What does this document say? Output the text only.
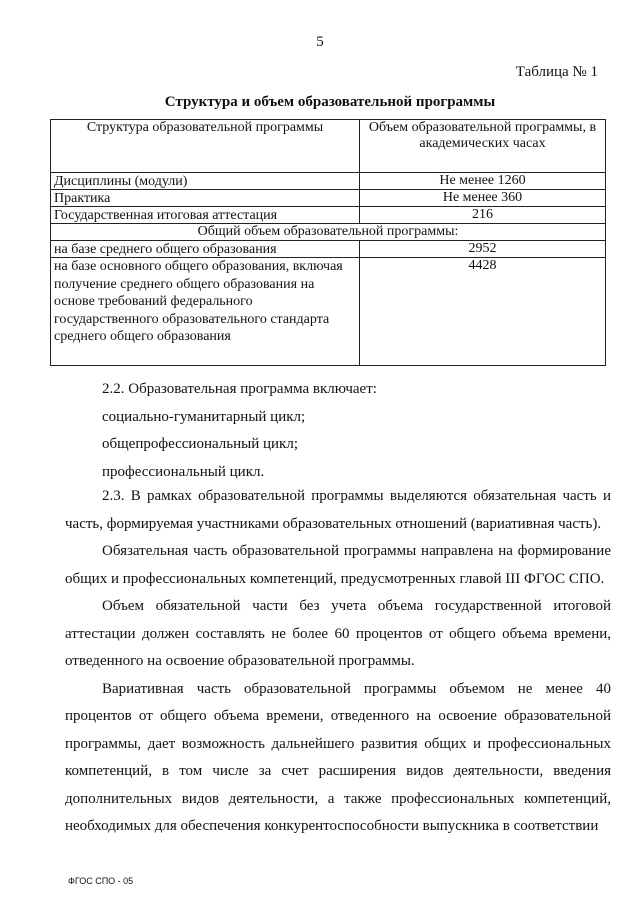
5
Таблица № 1
Структура и объем образовательной программы
Структура образовательной программы	Объем образовательной программы, в академических часах
Дисциплины (модули)	Не менее 1260
Практика	Не менее 360
Государственная итоговая аттестация	216
Общий объем образовательной программы:	
на базе среднего общего образования	2952
на базе основного общего образования, включая получение среднего общего образования на основе требований федерального государственного образовательного стандарта среднего общего образования	4428

2.2. Образовательная программа включает:

социально-гуманитарный цикл;

общепрофессиональный цикл;

профессиональный цикл.

2.3. В рамках образовательной программы выделяются обязательная часть и часть, формируемая участниками образовательных отношений (вариативная часть).

Обязательная часть образовательной программы направлена на формирование общих и профессиональных компетенций, предусмотренных главой III ФГОС СПО.

Объем обязательной части без учета объема государственной итоговой аттестации должен составлять не более 60 процентов от общего объема времени, отведенного на освоение образовательной программы.

Вариативная часть образовательной программы объемом не менее 40 процентов от общего объема времени, отведенного на освоение образовательной программы, дает возможность дальнейшего развития общих и профессиональных компетенций, в том числе за счет расширения видов деятельности, введения дополнительных видов деятельности, а также профессиональных компетенций, необходимых для обеспечения конкурентоспособности выпускника в соответствии

ФГОС СПО - 05
